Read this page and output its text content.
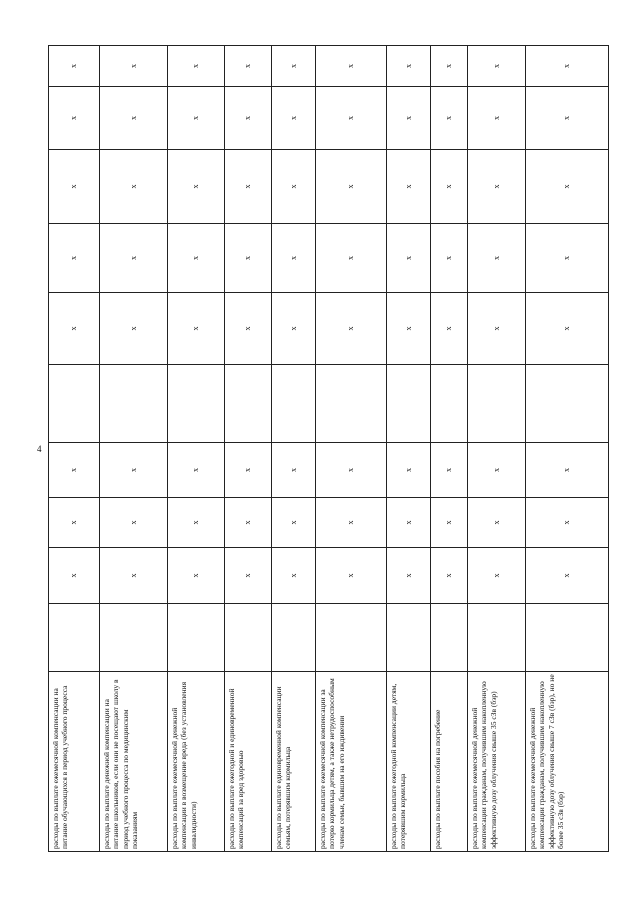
4
расходы по выплате ежемесячной компенсации на питание обучающихся в период учебного процесса		x	x	x		x	x	x	x	x
расходы по выплате денежной компенсации на питание школьников, если они не посещают школу в период учебного процесса по медицинским показаниям		x	x	x		x	x	x	x	x
расходы по выплате ежемесячной денежной компенсации в возмещение вреда (без установления инвалидности)		x	x	x		x	x	x	x	x
расходы по выплате ежегодной и единовременной компенсаций за вред здоровью		x	x	x		x	x	x	x	x
расходы по выплате единовременной компенсации семьям, потерявшим кормильца		x	x	x		x	x	x	x	x
расходы по выплате ежемесячной компенсации за потерю кормильца детям, а также нетрудоспособным членам семьи, бывшим на его иждивении		x	x	x		x	x	x	x	x
расходы по выплате ежегодной компенсации детям, потерявшим кормильца		x	x	x		x	x	x	x	x
расходы по выплате пособия на погребение		x	x	x		x	x	x	x	x
расходы по выплате ежемесячной денежной компенсации гражданам, получившим накопленную эффективную дозу облучения свыше 35 сЗв (бэр)		x	x	x		x	x	x	x	x
расходы по выплате ежемесячной денежной компенсации гражданам, получившим накопленную эффективную дозу облучения свыше 7 сЗв (бэр), но не более 35 сЗв (бэр)		x	x	x		x	x	x	x	x
